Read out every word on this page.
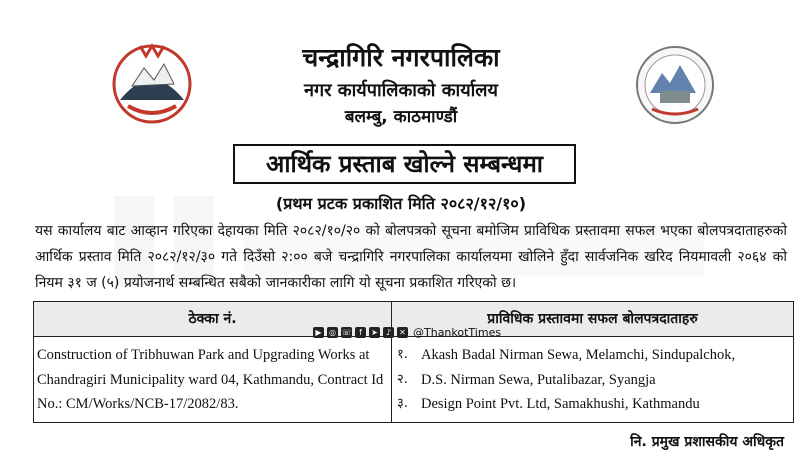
चन्द्रागिरि नगरपालिका
नगर कार्यपालिकाको कार्यालय
बलम्बु, काठमाण्डौं
आर्थिक प्रस्ताब खोल्ने सम्बन्धमा
(प्रथम प्रटक प्रकाशित मिति २०८२/१२/१०)
यस कार्यालय बाट आव्हान गरिएका देहायका मिति २०८२/१०/२० को बोलपत्रको सूचना बमोजिम प्राविधिक प्रस्तावमा सफल भएका बोलपत्रदाताहरुको आर्थिक प्रस्ताव मिति २०८२/१२/३० गते दिउँसो २:०० बजे चन्द्रागिरि नगरपालिका कार्यालयमा खोलिने हुँदा सार्वजनिक खरिद नियमावली २०६४ को नियम ३१ ज (५) प्रयोजनार्थ सम्बन्धित सबैको जानकारीका लागि यो सूचना प्रकाशित गरिएको छ।
ठेक्का नं.	प्राविधिक प्रस्तावमा सफल बोलपत्रदाताहरु
Construction of Tribhuwan Park and Upgrading Works at Chandragiri Municipality ward 04, Kathmandu, Contract Id No.: CM/Works/NCB-17/2082/83.
१. Akash Badal Nirman Sewa, Melamchi, Sindupalchok,
२. D.S. Nirman Sewa, Putalibazar, Syangja
३. Design Point Pvt. Ltd, Samakhushi, Kathmandu
▶ ◎ ☏ f	➤	♪	✕ @ThankotTimes
नि. प्रमुख प्रशासकीय अधिकृत
